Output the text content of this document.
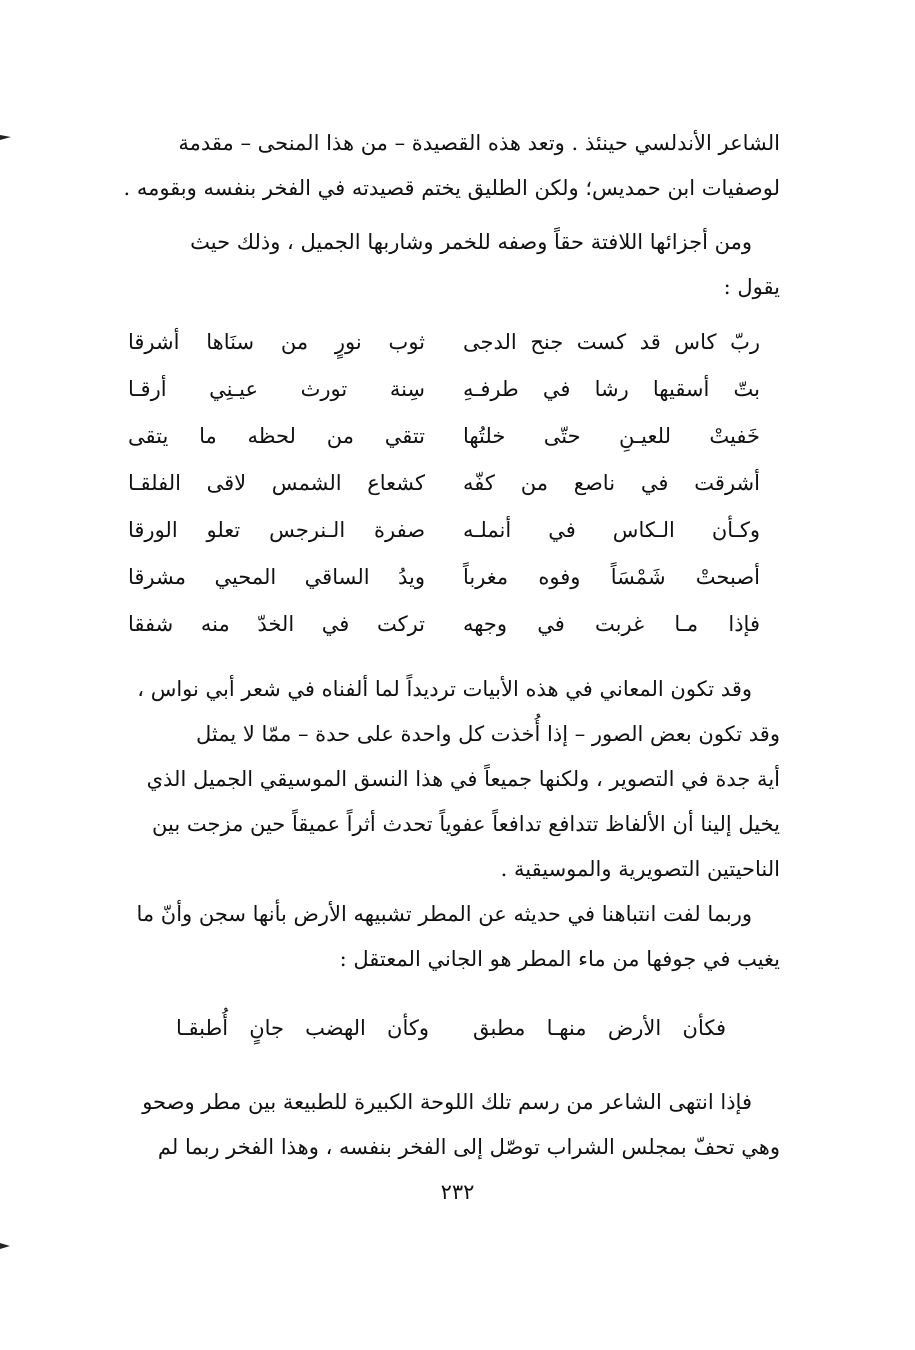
الشاعر الأندلسي حينئذ . وتعد هذه القصيدة – من هذا المنحى – مقدمة
لوصفيات ابن حمديس؛ ولكن الطليق يختم قصيدته في الفخر بنفسه وبقومه .
ومن أجزائها اللافتة حقاً وصفه للخمر وشاربها الجميل ، وذلك حيث
يقول :
ربّ كاس قد كست جنح الدجى
ثوب نورٍ من سنَاها أشرقا
بتّ أسقيها رشا في طرفـهِ
سِنة تورث عيـنِي أرقـا
خَفيتْ للعيـنِ حتّى خلتُها
تتقي من لحظه ما يتقى
أشرقت في ناصع من كفّه
كشعاع الشمس لاقى الفلقـا
وكـأن الـكاس في أنملـه
صفرة الـنرجس تعلو الورقا
أصبحتْ شَمْسَاً وفوه مغرباً
ويدُ الساقي المحيي مشرقا
فإذا مـا غربت في وجهه
تركت في الخدّ منه شفقا
وقد تكون المعاني في هذه الأبيات ترديداً لما ألفناه في شعر أبي نواس ،
وقد تكون بعض الصور – إذا أُخذت كل واحدة على حدة – ممّا لا يمثل
أية جدة في التصوير ، ولكنها جميعاً في هذا النسق الموسيقي الجميل الذي
يخيل إلينا أن الألفاظ تتدافع تدافعاً عفوياً تحدث أثراً عميقاً حين مزجت بين
الناحيتين التصويرية والموسيقية .
وربما لفت انتباهنا في حديثه عن المطر تشبيهه الأرض بأنها سجن وأنّ ما
يغيب في جوفها من ماء المطر هو الجاني المعتقل :
فكأن الأرض منهـا مطبق
وكأن الهضب جانٍ أُطبقـا
فإذا انتهى الشاعر من رسم تلك اللوحة الكبيرة للطبيعة بين مطر وصحو
وهي تحفّ بمجلس الشراب توصّل إلى الفخر بنفسه ، وهذا الفخر ربما لم
٢٣٢
